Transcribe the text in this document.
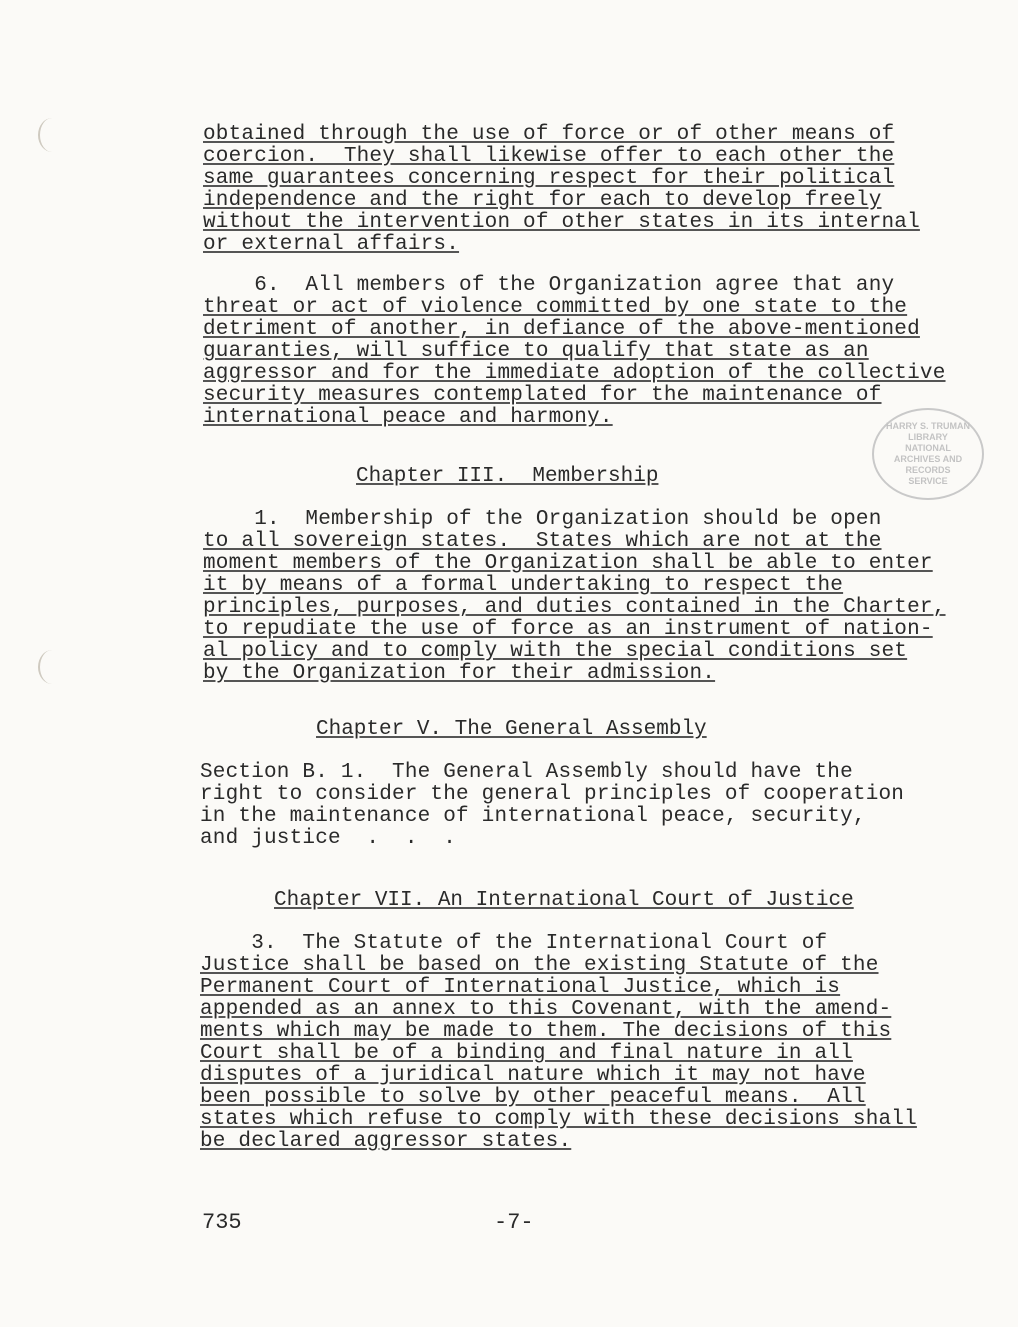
obtained through the use of force or of other means of
coercion.  They shall likewise offer to each other the
same guarantees concerning respect for their political
independence and the right for each to develop freely
without the intervention of other states in its internal
or external affairs.
6.  All members of the Organization agree that any
threat or act of violence committed by one state to the
detriment of another, in defiance of the above-mentioned
guaranties, will suffice to qualify that state as an
aggressor and for the immediate adoption of the collective
security measures contemplated for the maintenance of
international peace and harmony.	HARRY S. TRUMAN LIBRARY
NATIONAL
ARCHIVES AND
RECORDS
SERVICE
Chapter III.  Membership
1.  Membership of the Organization should be open
to all sovereign states.  States which are not at the
moment members of the Organization shall be able to enter
it by means of a formal undertaking to respect the
principles, purposes, and duties contained in the Charter,
to repudiate the use of force as an instrument of nation-
al policy and to comply with the special conditions set
by the Organization for their admission.
Chapter V. The General Assembly
Section B. 1.  The General Assembly should have the
right to consider the general principles of cooperation
in the maintenance of international peace, security,
and justice  .  .  .
Chapter VII. An International Court of Justice
3.  The Statute of the International Court of
Justice shall be based on the existing Statute of the
Permanent Court of International Justice, which is
appended as an annex to this Covenant, with the amend-
ments which may be made to them. The decisions of this
Court shall be of a binding and final nature in all
disputes of a juridical nature which it may not have
been possible to solve by other peaceful means.  All
states which refuse to comply with these decisions shall
be declared aggressor states.
735	-7-
